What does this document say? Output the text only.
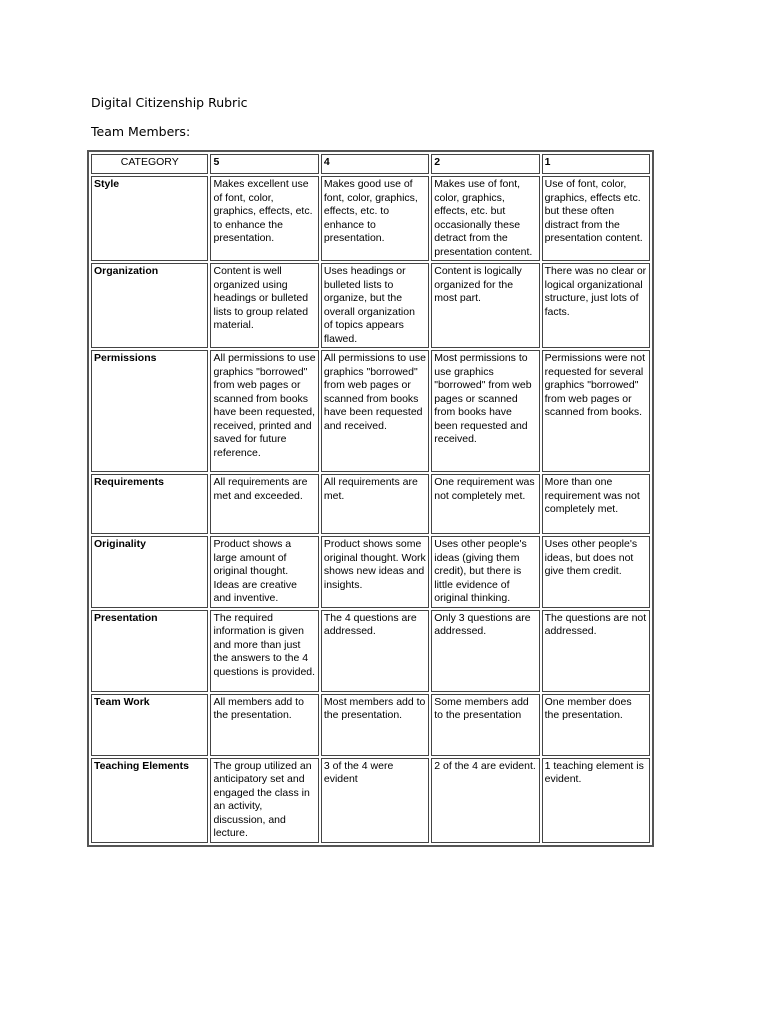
Digital Citizenship Rubric
Team Members:
CATEGORY	5	4	2	1
Style	Makes excellent use of font, color, graphics, effects, etc. to enhance the presentation.	Makes good use of font, color, graphics, effects, etc. to enhance to presentation.	Makes use of font, color, graphics, effects, etc. but occasionally these detract from the presentation content.	Use of font, color, graphics, effects etc. but these often distract from the presentation content.
Organization	Content is well organized using headings or bulleted lists to group related material.	Uses headings or bulleted lists to organize, but the overall organization of topics appears flawed.	Content is logically organized for the most part.	There was no clear or logical organizational structure, just lots of facts.
Permissions	All permissions to use graphics "borrowed" from web pages or scanned from books have been requested, received, printed and saved for future reference.	All permissions to use graphics "borrowed" from web pages or scanned from books have been requested and received.	Most permissions to use graphics "borrowed" from web pages or scanned from books have been requested and received.	Permissions were not requested for several graphics "borrowed" from web pages or scanned from books.
Requirements	All requirements are met and exceeded.	All requirements are met.	One requirement was not completely met.	More than one requirement was not completely met.
Originality	Product shows a large amount of original thought. Ideas are creative and inventive.	Product shows some original thought. Work shows new ideas and insights.	Uses other people's ideas (giving them credit), but there is little evidence of original thinking.	Uses other people's ideas, but does not give them credit.
Presentation	The required information is given and more than just the answers to the 4 questions is provided.	The 4 questions are addressed.	Only 3 questions are addressed.	The questions are not addressed.
Team Work	All members add to the presentation.	Most members add to the presentation.	Some members add to the presentation	One member does the presentation.
Teaching Elements	The group utilized an anticipatory set and engaged the class in an activity, discussion, and lecture.	3 of the 4 were evident	2 of the 4 are evident.	1 teaching element is evident.
